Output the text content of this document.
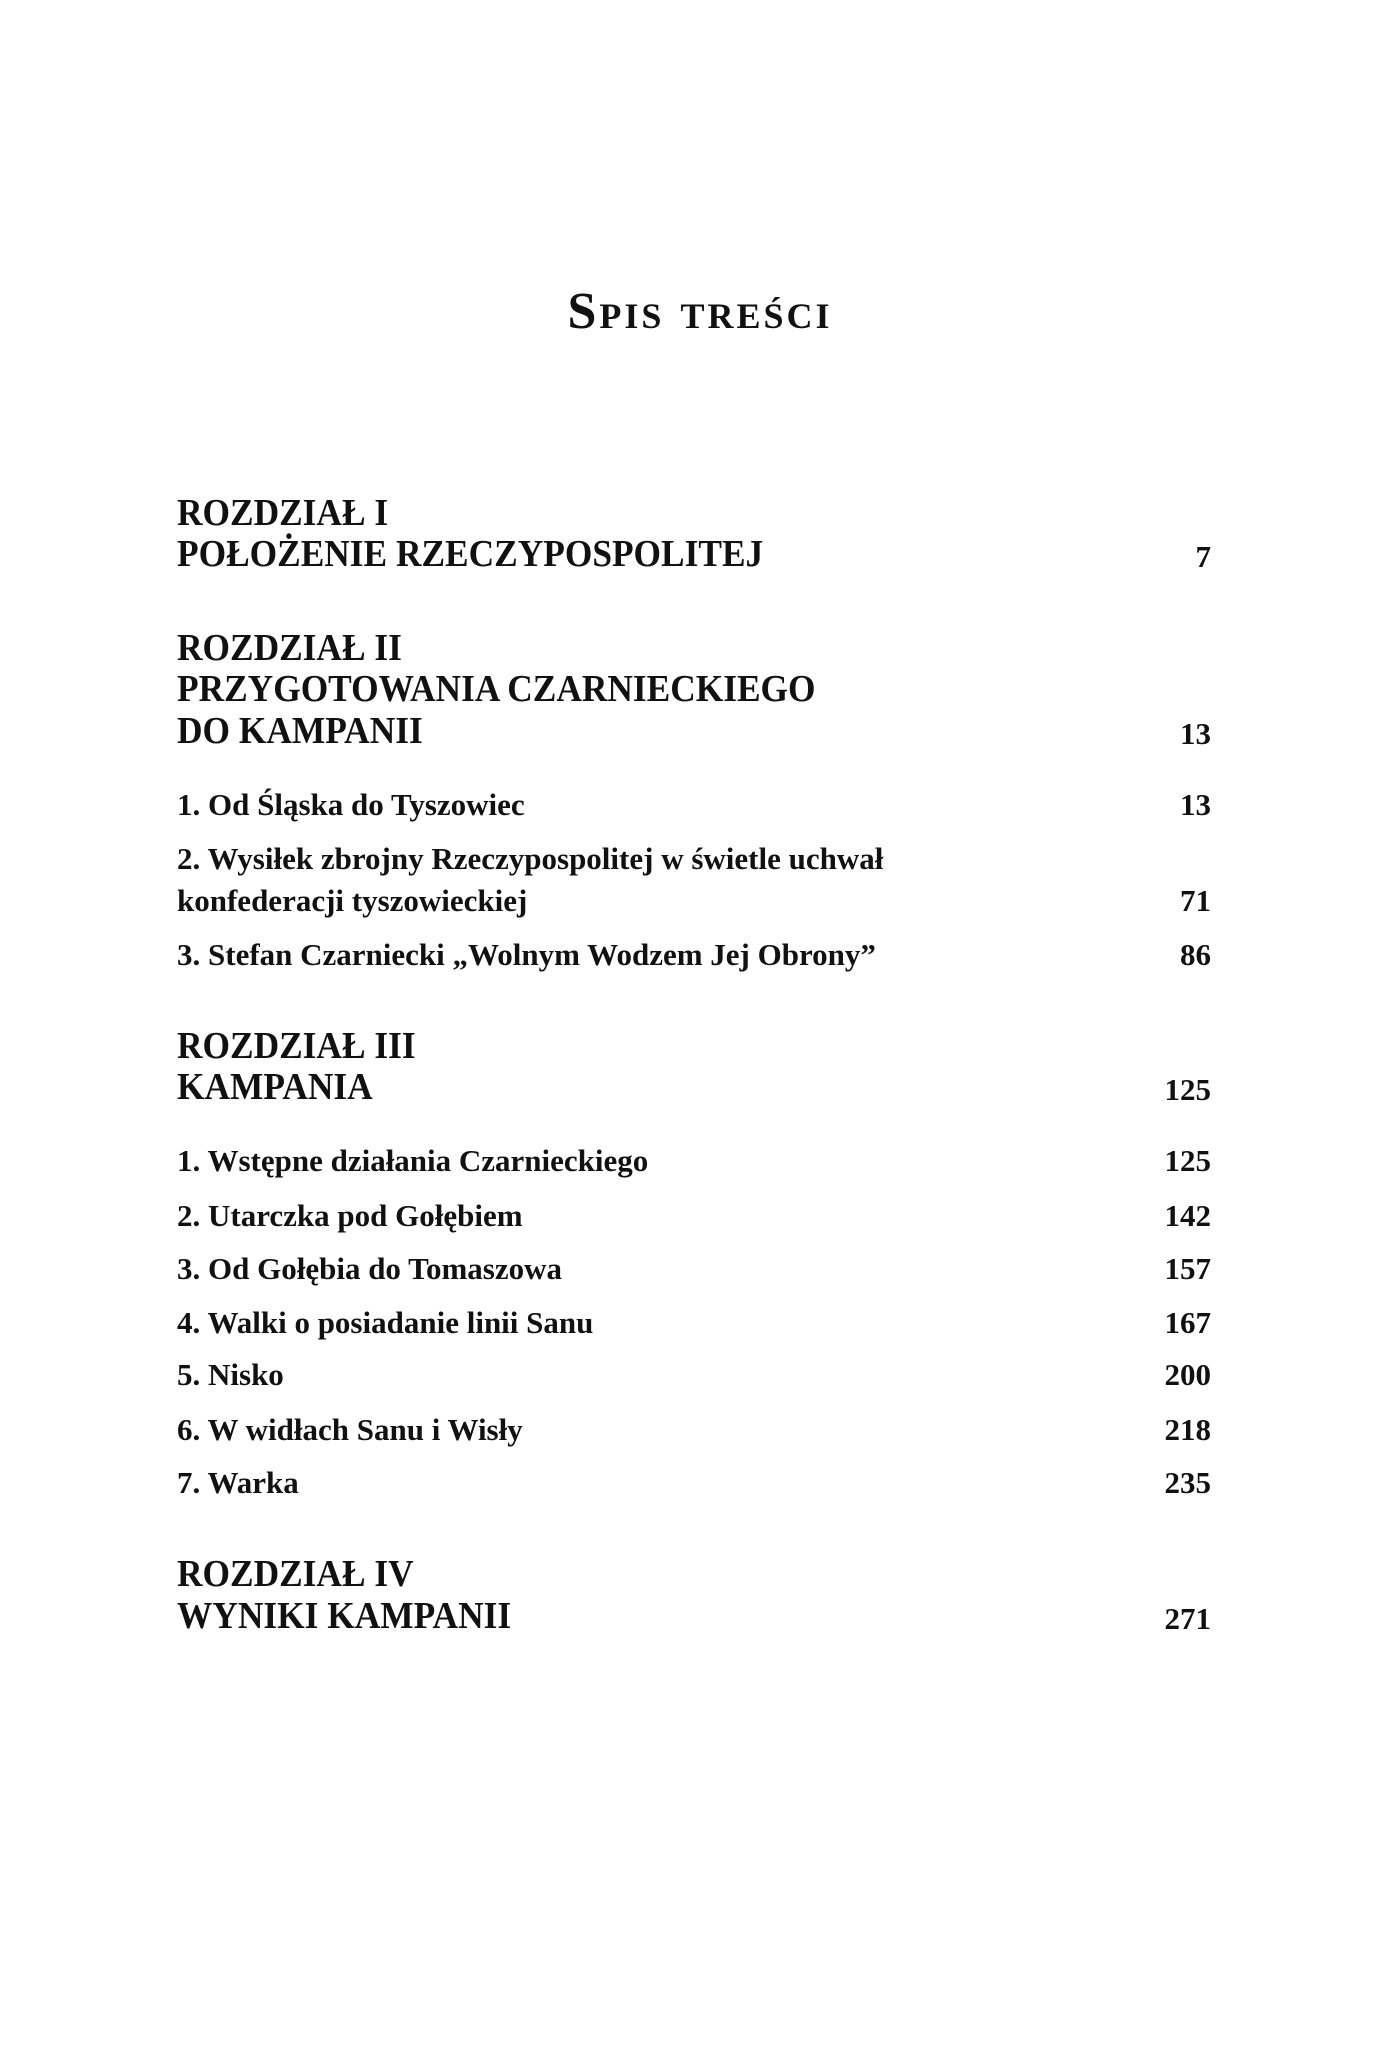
Spis treści
ROZDZIAŁ I
POŁOŻENIE RZECZYPOSPOLITEJ	7
ROZDZIAŁ II
PRZYGOTOWANIA CZARNIECKIEGO
DO KAMPANII	13
1. Od Śląska do Tyszowiec	13
2. Wysiłek zbrojny Rzeczypospolitej w świetle uchwał
konfederacji tyszowieckiej	71
3. Stefan Czarniecki „Wolnym Wodzem Jej Obrony”	86
ROZDZIAŁ III
KAMPANIA	125
1. Wstępne działania Czarnieckiego	125
2. Utarczka pod Gołębiem	142
3. Od Gołębia do Tomaszowa	157
4. Walki o posiadanie linii Sanu	167
5. Nisko	200
6. W widłach Sanu i Wisły	218
7. Warka	235
ROZDZIAŁ IV
WYNIKI KAMPANII	271
